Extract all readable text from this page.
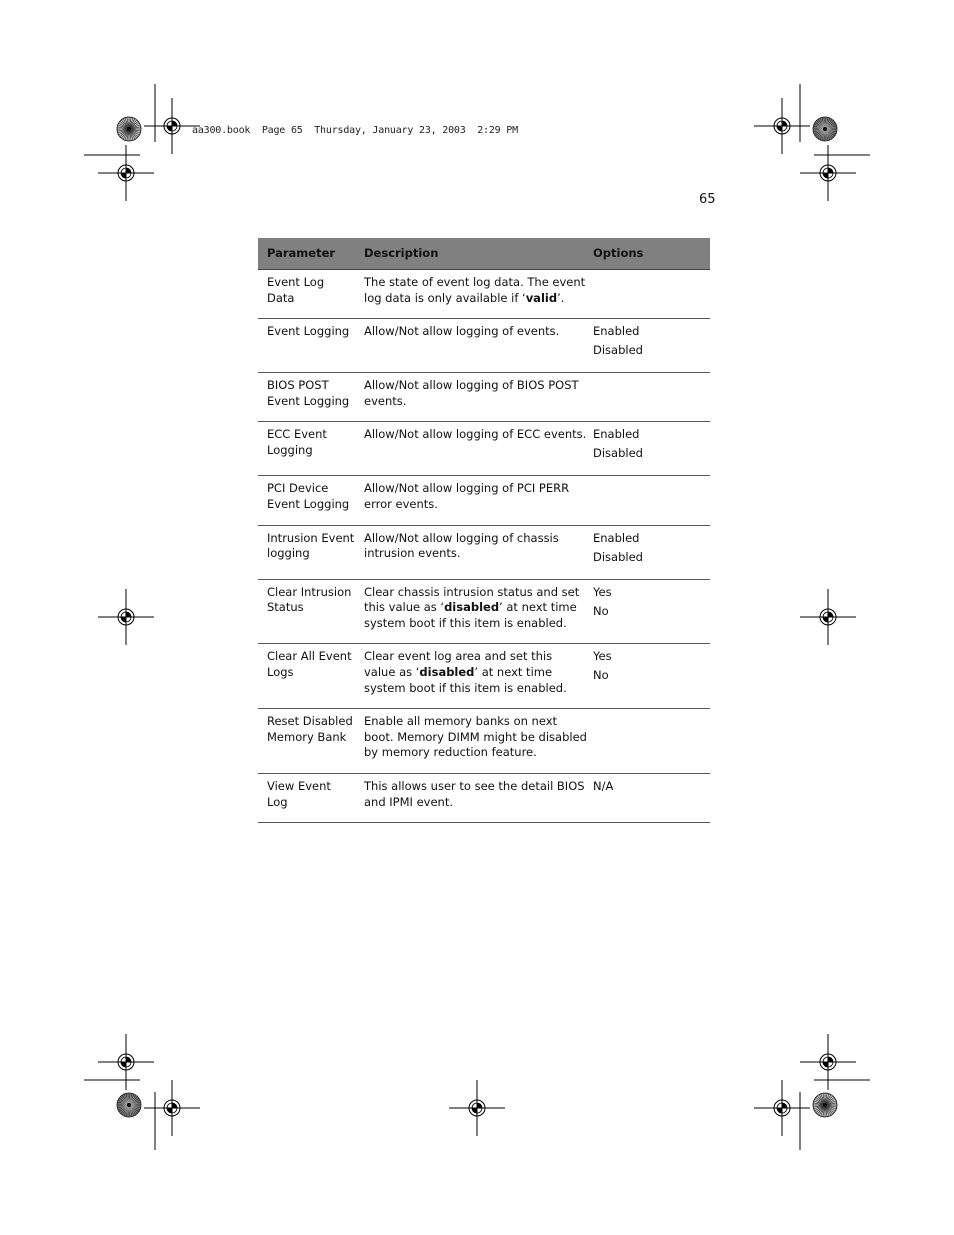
aa300.book  Page 65  Thursday, January 23, 2003  2:29 PM
65
Parameter	Description	Options
Event Log Data	The state of event log data. The event log data is only available if ‘valid’.	
Event Logging	Allow/Not allow logging of events.	Enabled
Disabled

BIOS POST Event Logging	Allow/Not allow logging of BIOS POST events.	
ECC Event Logging	Allow/Not allow logging of ECC events.	Enabled
Disabled

PCI Device Event Logging	Allow/Not allow logging of PCI PERR error events.	
Intrusion Event logging	Allow/Not allow logging of chassis intrusion events.	Enabled
Disabled

Clear Intrusion Status	Clear chassis intrusion status and set this value as ‘disabled’ at next time system boot if this item is enabled.	Yes
No

Clear All Event Logs	Clear event log area and set this value as ‘disabled’ at next time system boot if this item is enabled.	Yes
No

Reset Disabled Memory Bank	Enable all memory banks on next boot. Memory DIMM might be disabled by memory reduction feature.	
View Event Log	This allows user to see the detail BIOS and IPMI event.	N/A
